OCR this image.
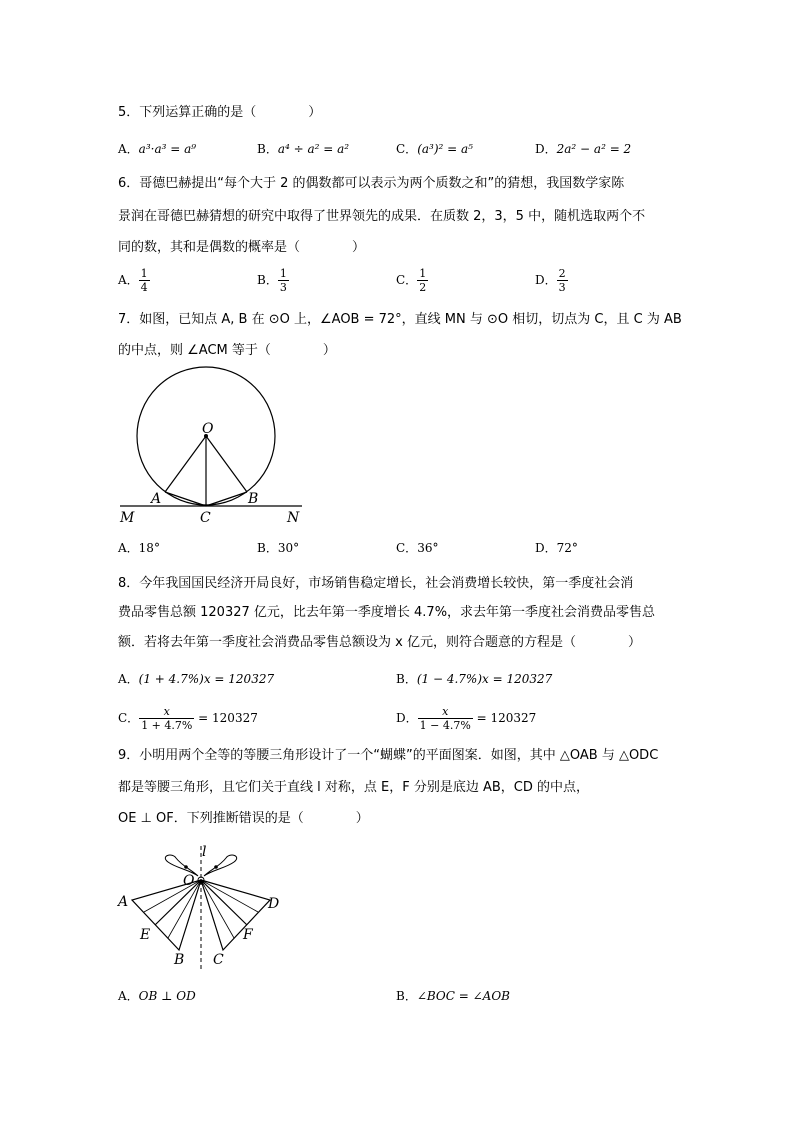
5．下列运算正确的是（　　　　）
A．a³·a³ = a⁹	B．a⁴ ÷ a² = a²	C．(a³)² = a⁵	D．2a² − a² = 2
6．哥德巴赫提出“每个大于 2 的偶数都可以表示为两个质数之和”的猜想，我国数学家陈
景润在哥德巴赫猜想的研究中取得了世界领先的成果．在质数 2，3，5 中，随机选取两个不
同的数，其和是偶数的概率是（　　　　）
A． $\frac{1}{4}$	B． $\frac{1}{3}$	C． $\frac{1}{2}$	D． $\frac{2}{3}$
7．如图，已知点 A, B 在 ⊙O 上，∠AOB = 72°，直线 MN 与 ⊙O 相切，切点为 C，且 C 为 AB
的中点，则 ∠ACM 等于（　　　　）
O
A	B
C
M	N
A．18°	B．30°	C．36°	D．72°
8．今年我国国民经济开局良好，市场销售稳定增长，社会消费增长较快，第一季度社会消
费品零售总额 120327 亿元，比去年第一季度增长 4.7%，求去年第一季度社会消费品零售总
额．若将去年第一季度社会消费品零售总额设为 x 亿元，则符合题意的方程是（　　　　）
A．(1 + 4.7%)x = 120327	B．(1 − 4.7%)x = 120327
C． $\frac{x}{1 + 4.7\%} = 120327$	D． $\frac{x}{1 - 4.7\%} = 120327$
9．小明用两个全等的等腰三角形设计了一个“蝴蝶”的平面图案．如图，其中 △OAB 与 △ODC
都是等腰三角形，且它们关于直线 l 对称，点 E，F 分别是底边 AB，CD 的中点，
OE ⊥ OF．下列推断错误的是（　　　　）
l
O
A
E
B C
F
D
A．OB ⊥ OD	B．∠BOC = ∠AOB
